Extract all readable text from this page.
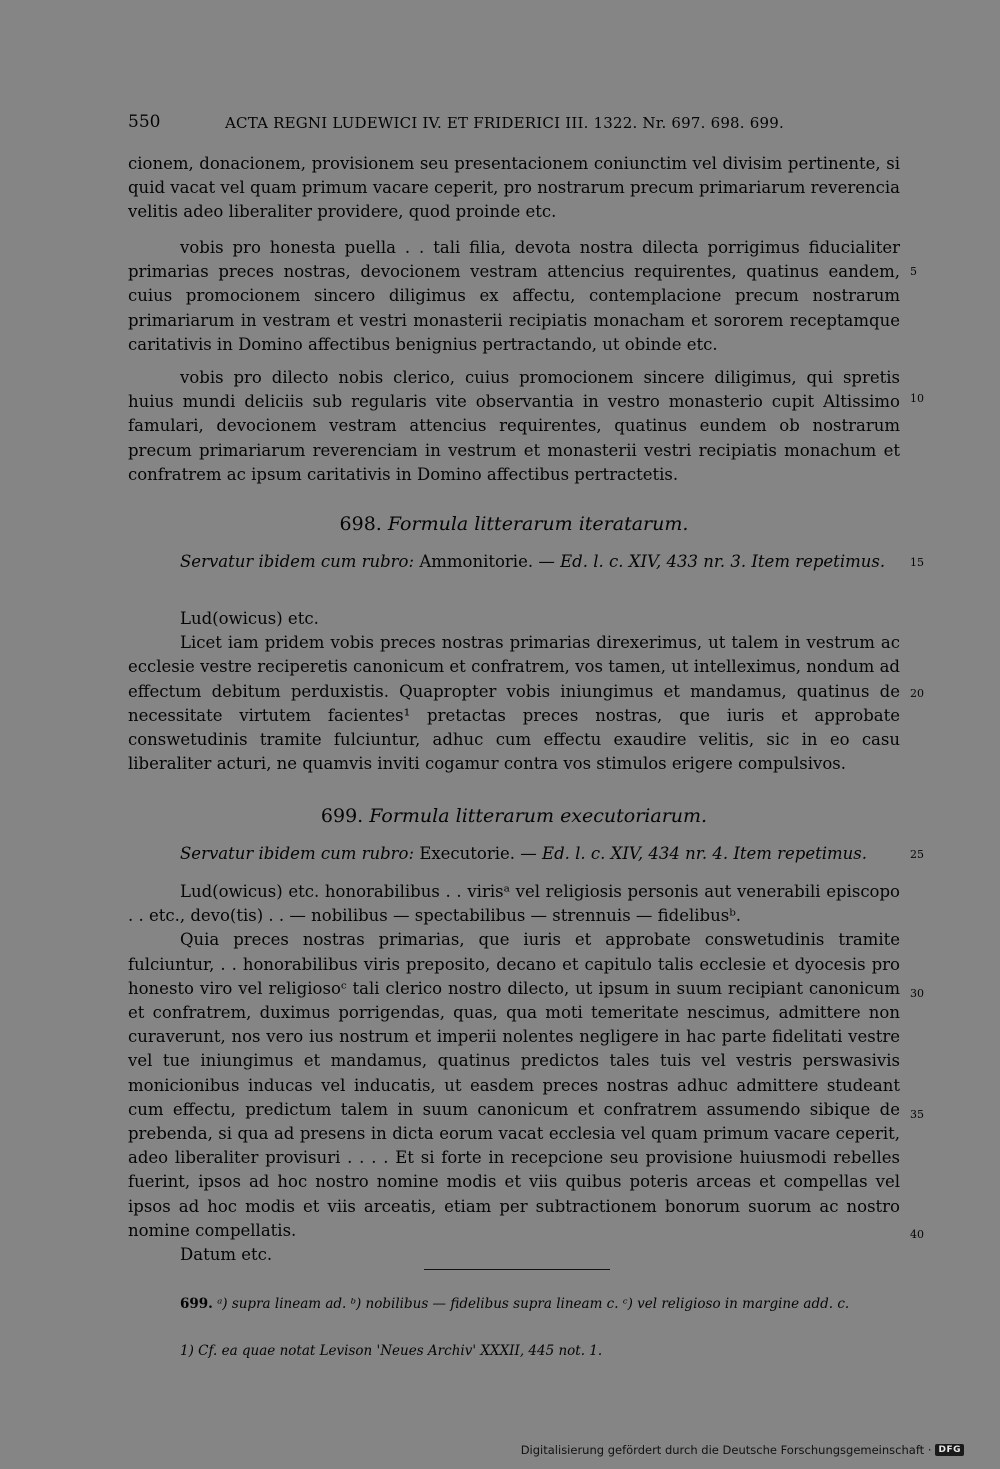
550	ACTA REGNI LUDEWICI IV. ET FRIDERICI III. 1322. Nr. 697. 698. 699.

cionem, donacionem, provisionem seu presentacionem coniunctim vel divisim pertinente, si quid vacat vel quam primum vacare ceperit, pro nostrarum precum primariarum reverencia velitis adeo liberaliter providere, quod proinde etc.

vobis pro honesta puella . . tali filia, devota nostra dilecta porrigimus fiducialiter primarias preces nostras, devocionem vestram attencius requirentes, quatinus eandem, cuius promocionem sincero diligimus ex affectu, contemplacione precum nostrarum primariarum in vestram et vestri monasterii recipiatis monacham et sororem receptamque caritativis in Domino affectibus benignius pertractando, ut obinde etc.

vobis pro dilecto nobis clerico, cuius promocionem sincere diligimus, qui spretis huius mundi deliciis sub regularis vite observantia in vestro monasterio cupit Altissimo famulari, devocionem vestram attencius requirentes, quatinus eundem ob nostrarum precum primariarum reverenciam in vestrum et monasterii vestri recipiatis monachum et confratrem ac ipsum caritativis in Domino affectibus pertractetis.

698. Formula litterarum iteratarum.

Servatur ibidem cum rubro: Ammonitorie. — Ed. l. c. XIV, 433 nr. 3. Item repetimus.

Lud(owicus) etc.

Licet iam pridem vobis preces nostras primarias direxerimus, ut talem in vestrum ac ecclesie vestre reciperetis canonicum et confratrem, vos tamen, ut intelleximus, nondum ad effectum debitum perduxistis. Quapropter vobis iniungimus et mandamus, quatinus de necessitate virtutem facientes¹ pretactas preces nostras, que iuris et approbate conswetudinis tramite fulciuntur, adhuc cum effectu exaudire velitis, sic in eo casu liberaliter acturi, ne quamvis inviti cogamur contra vos stimulos erigere compulsivos.

699. Formula litterarum executoriarum.

Servatur ibidem cum rubro: Executorie. — Ed. l. c. XIV, 434 nr. 4. Item repetimus.

Lud(owicus) etc. honorabilibus . . virisᵃ vel religiosis personis aut venerabili episcopo . . etc., devo(tis) . . — nobilibus — spectabilibus — strennuis — fidelibusᵇ.

Quia preces nostras primarias, que iuris et approbate conswetudinis tramite fulciuntur, . . honorabilibus viris preposito, decano et capitulo talis ecclesie et dyocesis pro honesto viro vel religiosoᶜ tali clerico nostro dilecto, ut ipsum in suum recipiant canonicum et confratrem, duximus porrigendas, quas, qua moti temeritate nescimus, admittere non curaverunt, nos vero ius nostrum et imperii nolentes negligere in hac parte fidelitati vestre vel tue iniungimus et mandamus, quatinus predictos tales tuis vel vestris perswasivis monicionibus inducas vel inducatis, ut easdem preces nostras adhuc admittere studeant cum effectu, predictum talem in suum canonicum et confratrem assumendo sibique de prebenda, si qua ad presens in dicta eorum vacat ecclesia vel quam primum vacare ceperit, adeo liberaliter provisuri . . . . Et si forte in recepcione seu provisione huiusmodi rebelles fuerint, ipsos ad hoc nostro nomine modis et viis quibus poteris arceas et compellas vel ipsos ad hoc modis et viis arceatis, etiam per subtractionem bonorum suorum ac nostro nomine compellatis.

Datum etc.

5
10
15
20
25
30
35
40

699. ᵃ) supra lineam ad. ᵇ) nobilibus — fidelibus supra lineam c. ᶜ) vel religioso in margine add. c.

1) Cf. ea quae notat Levison 'Neues Archiv' XXXII, 445 not. 1.

Digitalisierung gefördert durch die Deutsche Forschungsgemeinschaft · DFG
